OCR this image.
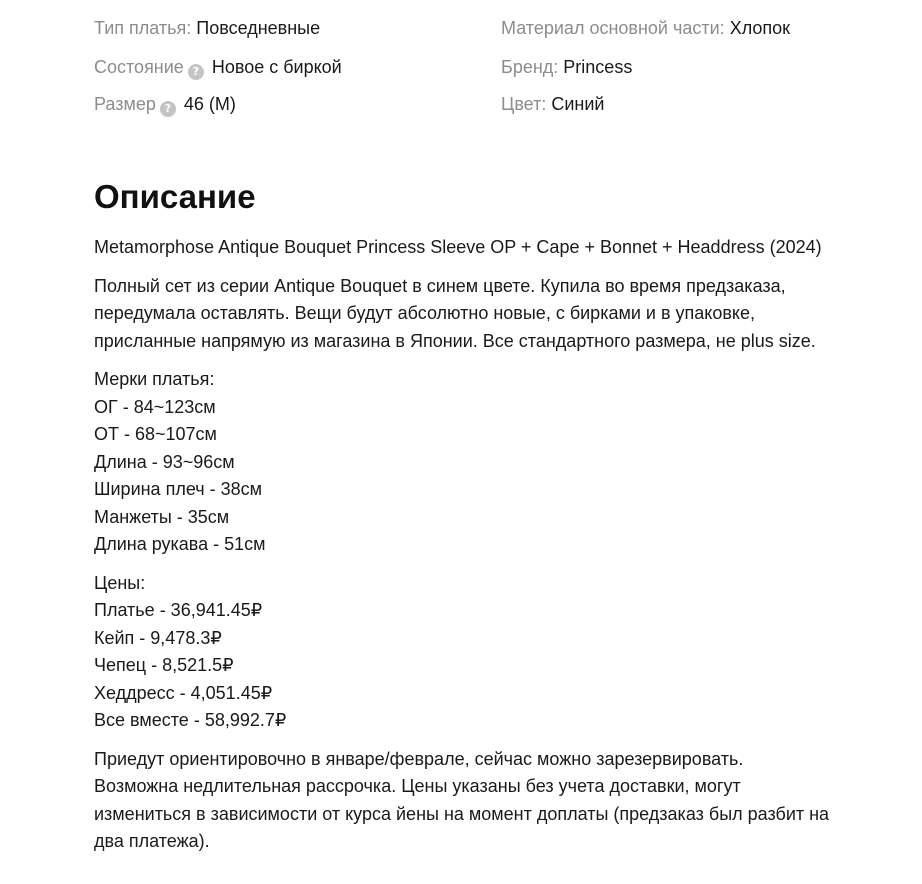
Тип платья: Повседневные
Состояние ? Новое с биркой
Размер ? 46 (M)
Материал основной части: Хлопок
Бренд: Princess
Цвет: Синий
Описание

Metamorphose Antique Bouquet Princess Sleeve OP + Cape + Bonnet + Headdress (2024)

Полный сет из серии Antique Bouquet в синем цвете. Купила во время предзаказа,
передумала оставлять. Вещи будут абсолютно новые, с бирками и в упаковке,
присланные напрямую из магазина в Японии. Все стандартного размера, не plus size.

Мерки платья:
ОГ - 84~123см
ОТ - 68~107см
Длина - 93~96см
Ширина плеч - 38см
Манжеты - 35см
Длина рукава - 51см

Цены:
Платье - 36,941.45₽
Кейп - 9,478.3₽
Чепец - 8,521.5₽
Хеддресс - 4,051.45₽
Все вместе - 58,992.7₽

Приедут ориентировочно в январе/феврале, сейчас можно зарезервировать.
Возможна недлительная рассрочка. Цены указаны без учета доставки, могут
измениться в зависимости от курса йены на момент доплаты (предзаказ был разбит на
два платежа).
